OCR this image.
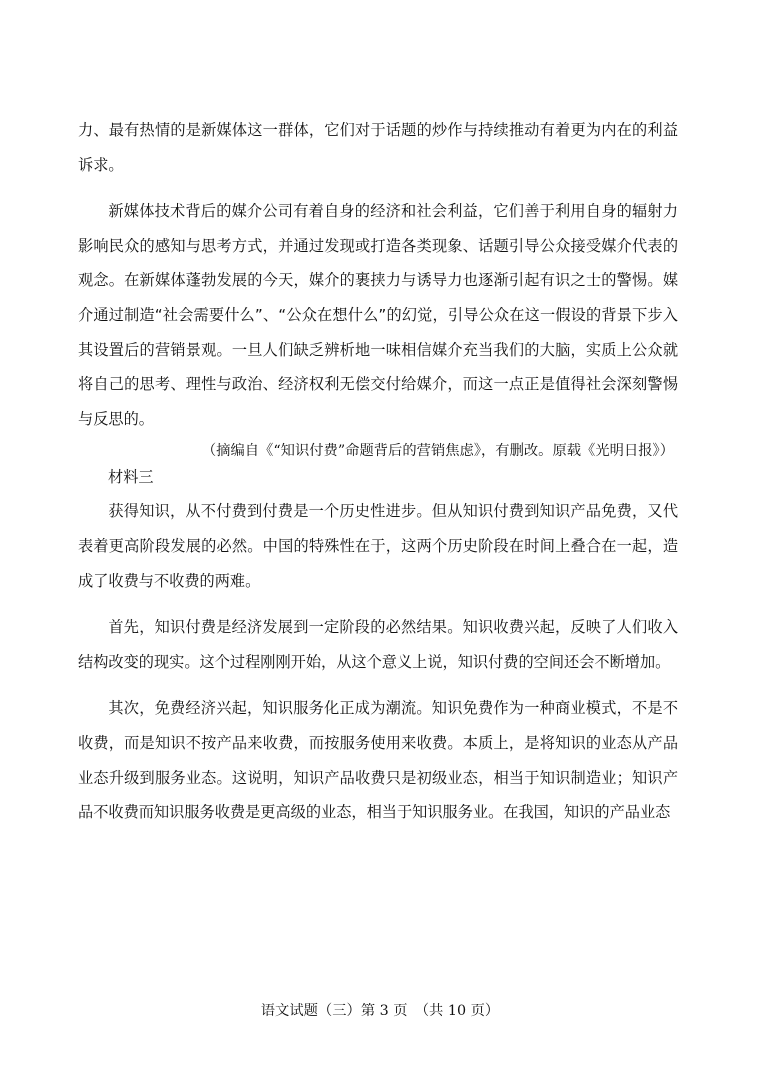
力、最有热情的是新媒体这一群体，它们对于话题的炒作与持续推动有着更为内在的利益诉求。

新媒体技术背后的媒介公司有着自身的经济和社会利益，它们善于利用自身的辐射力影响民众的感知与思考方式，并通过发现或打造各类现象、话题引导公众接受媒介代表的观念。在新媒体蓬勃发展的今天，媒介的裹挟力与诱导力也逐渐引起有识之士的警惕。媒介通过制造“社会需要什么”、“公众在想什么”的幻觉，引导公众在这一假设的背景下步入其设置后的营销景观。一旦人们缺乏辨析地一味相信媒介充当我们的大脑，实质上公众就将自己的思考、理性与政治、经济权利无偿交付给媒介，而这一点正是值得社会深刻警惕与反思的。

（摘编自《“知识付费”命题背后的营销焦虑》，有删改。原载《光明日报》）

材料三

获得知识，从不付费到付费是一个历史性进步。但从知识付费到知识产品免费，又代表着更高阶段发展的必然。中国的特殊性在于，这两个历史阶段在时间上叠合在一起，造成了收费与不收费的两难。

首先，知识付费是经济发展到一定阶段的必然结果。知识收费兴起，反映了人们收入结构改变的现实。这个过程刚刚开始，从这个意义上说，知识付费的空间还会不断增加。

其次，免费经济兴起，知识服务化正成为潮流。知识免费作为一种商业模式，不是不收费，而是知识不按产品来收费，而按服务使用来收费。本质上，是将知识的业态从产品业态升级到服务业态。这说明，知识产品收费只是初级业态，相当于知识制造业；知识产品不收费而知识服务收费是更高级的业态，相当于知识服务业。在我国，知识的产品业态

语文试题（三）第 3 页　（共 10 页）
